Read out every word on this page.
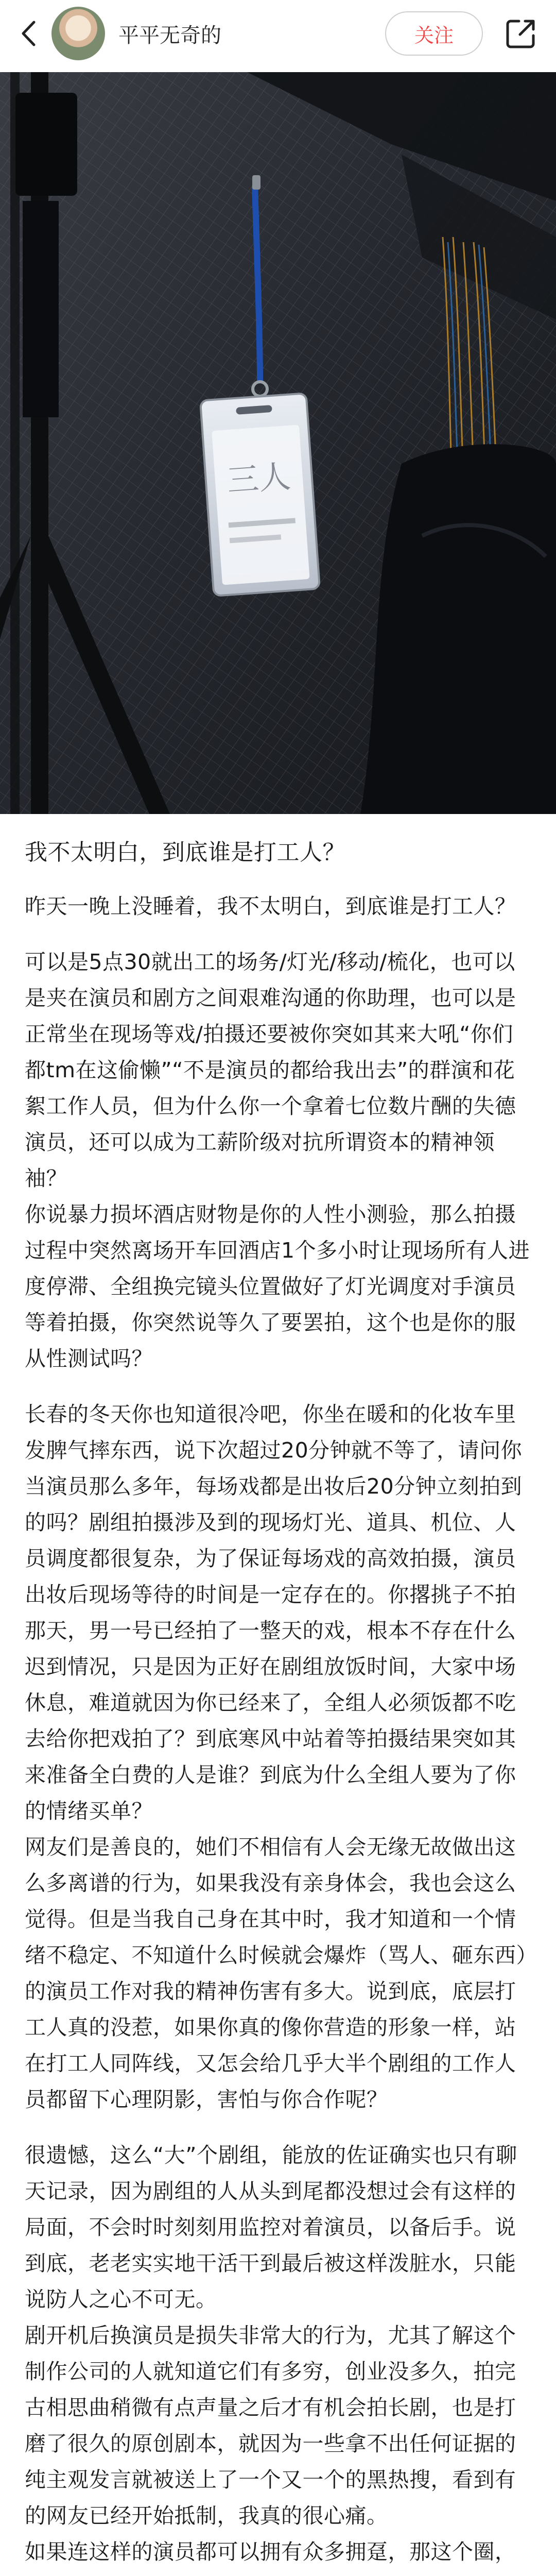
平平无奇的	关注
三人
我不太明白，到底谁是打工人？

昨天一晚上没睡着，我不太明白，到底谁是打工人？

可以是5点30就出工的场务/灯光/移动/梳化，也可以是夹在演员和剧方之间艰难沟通的你助理，也可以是正常坐在现场等戏/拍摄还要被你突如其来大吼“你们都tm在这偷懒”“不是演员的都给我出去”的群演和花絮工作人员，但为什么你一个拿着七位数片酬的失德演员，还可以成为工薪阶级对抗所谓资本的精神领袖？

你说暴力损坏酒店财物是你的人性小测验，那么拍摄过程中突然离场开车回酒店1个多小时让现场所有人进度停滞、全组换完镜头位置做好了灯光调度对手演员等着拍摄，你突然说等久了要罢拍，这个也是你的服从性测试吗？

长春的冬天你也知道很冷吧，你坐在暖和的化妆车里发脾气摔东西，说下次超过20分钟就不等了，请问你当演员那么多年，每场戏都是出妆后20分钟立刻拍到的吗？剧组拍摄涉及到的现场灯光、道具、机位、人员调度都很复杂，为了保证每场戏的高效拍摄，演员出妆后现场等待的时间是一定存在的。你撂挑子不拍那天，男一号已经拍了一整天的戏，根本不存在什么迟到情况，只是因为正好在剧组放饭时间，大家中场休息，难道就因为你已经来了，全组人必须饭都不吃去给你把戏拍了？到底寒风中站着等拍摄结果突如其来准备全白费的人是谁？到底为什么全组人要为了你的情绪买单？

网友们是善良的，她们不相信有人会无缘无故做出这么多离谱的行为，如果我没有亲身体会，我也会这么觉得。但是当我自己身在其中时，我才知道和一个情绪不稳定、不知道什么时候就会爆炸（骂人、砸东西）的演员工作对我的精神伤害有多大。说到底，底层打工人真的没惹，如果你真的像你营造的形象一样，站在打工人同阵线，又怎会给几乎大半个剧组的工作人员都留下心理阴影，害怕与你合作呢？

很遗憾，这么“大”个剧组，能放的佐证确实也只有聊天记录，因为剧组的人从头到尾都没想过会有这样的局面，不会时时刻刻用监控对着演员，以备后手。说到底，老老实实地干活干到最后被这样泼脏水，只能说防人之心不可无。

剧开机后换演员是损失非常大的行为，尤其了解这个制作公司的人就知道它们有多穷，创业没多久，拍完古相思曲稍微有点声量之后才有机会拍长剧，也是打磨了很久的原创剧本，就因为一些拿不出任何证据的纯主观发言就被送上了一个又一个的黑热搜，看到有的网友已经开始抵制，我真的很心痛。

如果连这样的演员都可以拥有众多拥趸，那这个圈，
